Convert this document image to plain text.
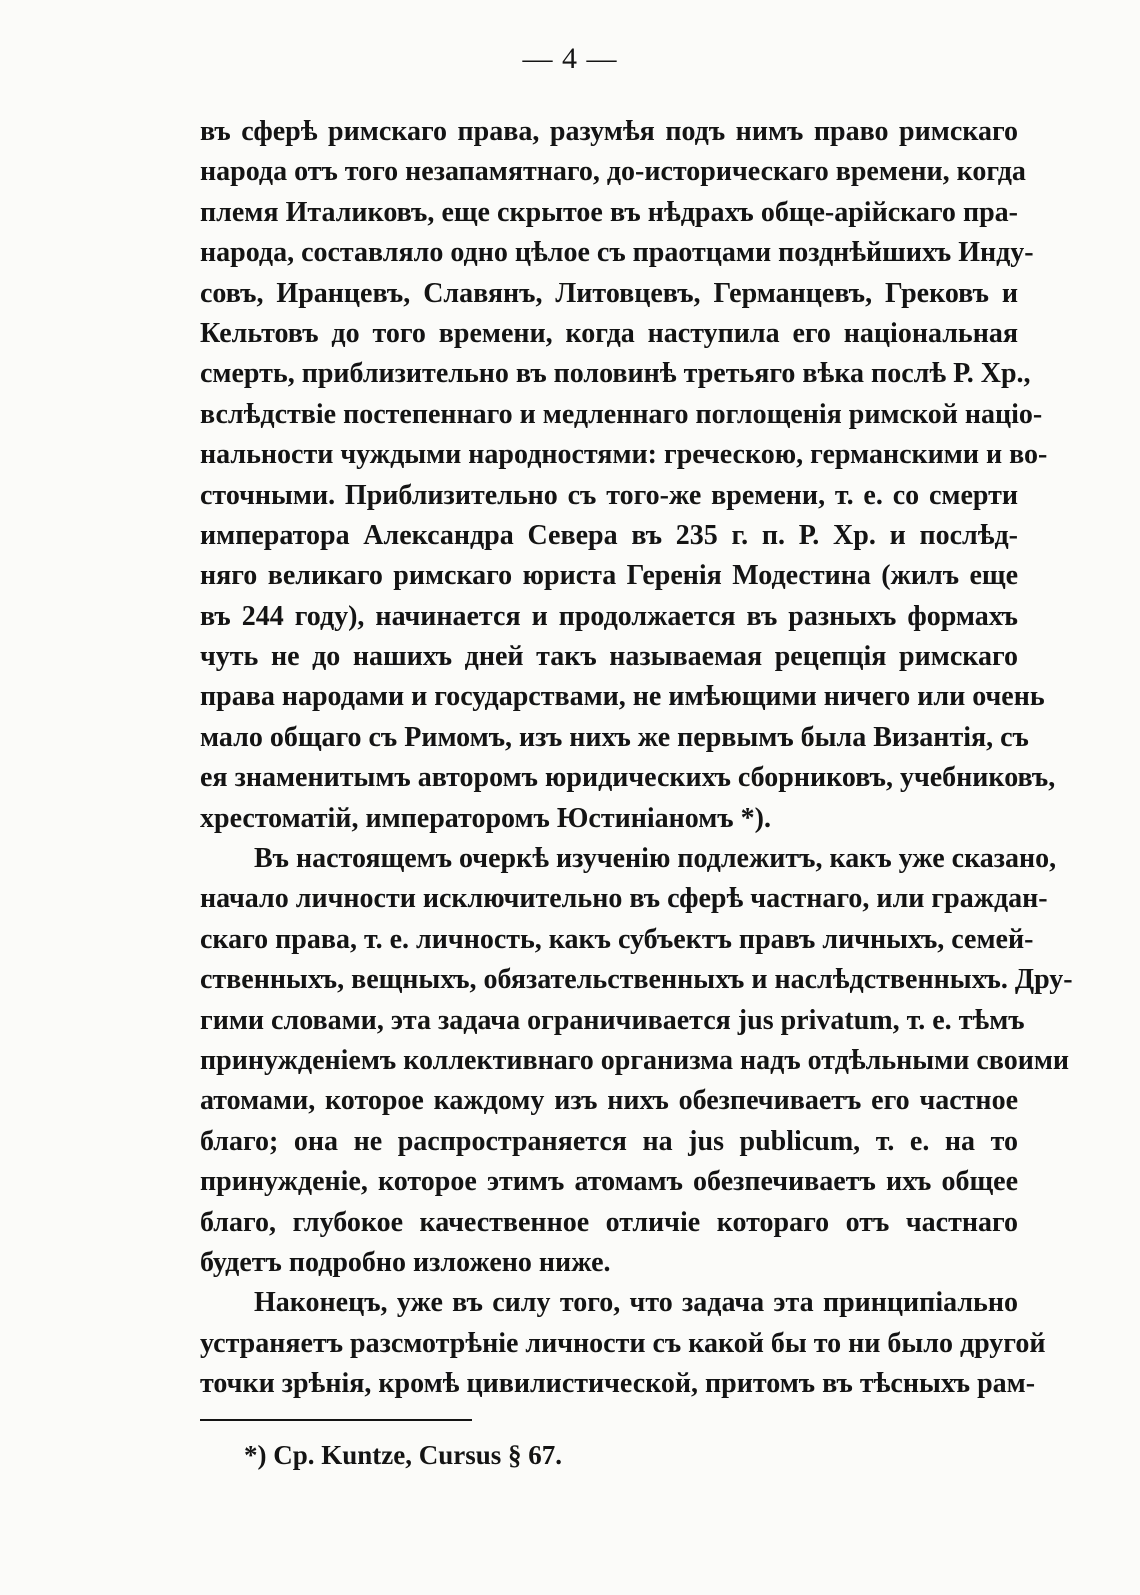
— 4 —
въ сферѣ римскаго права, разумѣя подъ нимъ право римскаго
народа отъ того незапамятнаго, до-историческаго времени, когда
племя Италиковъ, еще скрытое въ нѣдрахъ обще-арійскаго пра-
народа, составляло одно цѣлое съ праотцами позднѣйшихъ Инду-
совъ, Иранцевъ, Славянъ, Литовцевъ, Германцевъ, Грековъ и
Кельтовъ до того времени, когда наступила его національная
смерть, приблизительно въ половинѣ третьяго вѣка послѣ Р. Хр.,
вслѣдствіе постепеннаго и медленнаго поглощенія римской націо-
нальности чуждыми народностями: греческою, германскими и во-
сточными. Приблизительно съ того-же времени, т. е. со смерти
императора Александра Севера въ 235 г. п. Р. Хр. и послѣд-
няго великаго римскаго юриста Геренія Модестина (жилъ еще
въ 244 году), начинается и продолжается въ разныхъ формахъ
чуть не до нашихъ дней такъ называемая рецепція римскаго
права народами и государствами, не имѣющими ничего или очень
мало общаго съ Римомъ, изъ нихъ же первымъ была Византія, съ
ея знаменитымъ авторомъ юридическихъ сборниковъ, учебниковъ,
хрестоматій, императоромъ Юстиніаномъ *).
Въ настоящемъ очеркѣ изученію подлежитъ, какъ уже сказано,
начало личности исключительно въ сферѣ частнаго, или граждан-
скаго права, т. е. личность, какъ субъектъ правъ личныхъ, семей-
ственныхъ, вещныхъ, обязательственныхъ и наслѣдственныхъ. Дру-
гими словами, эта задача ограничивается jus privatum, т. е. тѣмъ
принужденіемъ коллективнаго организма надъ отдѣльными своими
атомами, которое каждому изъ нихъ обезпечиваетъ его частное
благо; она не распространяется на jus publicum, т. е. на то
принужденіе, которое этимъ атомамъ обезпечиваетъ ихъ общее
благо, глубокое качественное отличіе котораго отъ частнаго
будетъ подробно изложено ниже.
Наконецъ, уже въ силу того, что задача эта принципіально
устраняетъ разсмотрѣніе личности съ какой бы то ни было другой
точки зрѣнія, кромѣ цивилистической, притомъ въ тѣсныхъ рам-
*) Ср. Kuntze, Cursus § 67.
